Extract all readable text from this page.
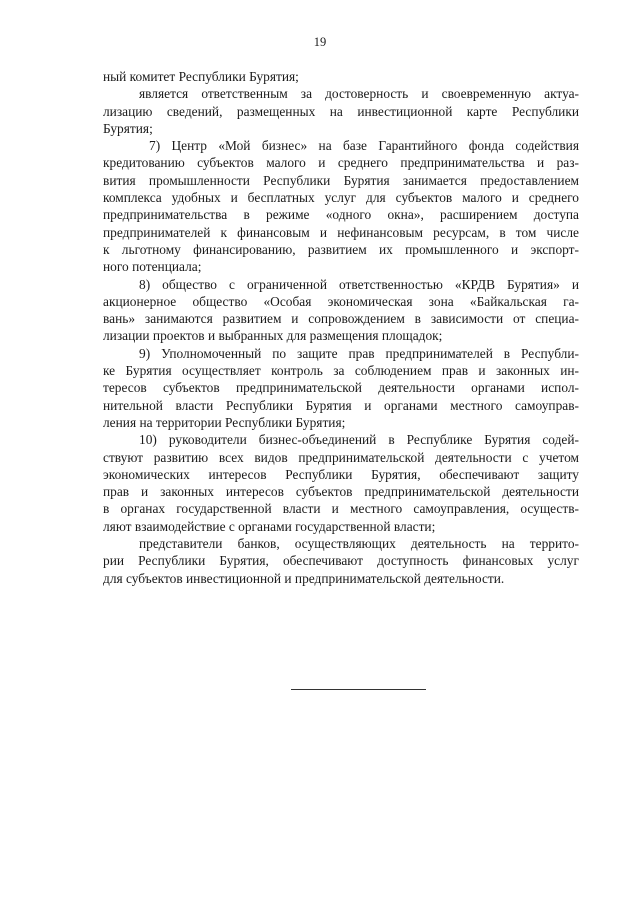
19
ный комитет Республики Бурятия;
является ответственным за достоверность и своевременную актуа-
лизацию сведений, размещенных на инвестиционной карте Республики
Бурятия;
7) Центр «Мой бизнес» на базе Гарантийного фонда содействия
кредитованию субъектов малого и среднего предпринимательства и раз-
вития промышленности Республики Бурятия занимается предоставлением
комплекса удобных и бесплатных услуг для субъектов малого и среднего
предпринимательства в режиме «одного окна», расширением доступа
предпринимателей к финансовым и нефинансовым ресурсам, в том числе
к льготному финансированию, развитием их промышленного и экспорт-
ного потенциала;
8) общество с ограниченной ответственностью «КРДВ Бурятия» и
акционерное общество «Особая экономическая зона «Байкальская га-
вань» занимаются развитием и сопровождением в зависимости от специа-
лизации проектов и выбранных для размещения площадок;
9) Уполномоченный по защите прав предпринимателей в Республи-
ке Бурятия осуществляет контроль за соблюдением прав и законных ин-
тересов субъектов предпринимательской деятельности органами испол-
нительной власти Республики Бурятия и органами местного самоуправ-
ления на территории Республики Бурятия;
10) руководители бизнес-объединений в Республике Бурятия содей-
ствуют развитию всех видов предпринимательской деятельности с учетом
экономических интересов Республики Бурятия, обеспечивают защиту
прав и законных интересов субъектов предпринимательской деятельности
в органах государственной власти и местного самоуправления, осуществ-
ляют взаимодействие с органами государственной власти;
представители банков, осуществляющих деятельность на террито-
рии Республики Бурятия, обеспечивают доступность финансовых услуг
для субъектов инвестиционной и предпринимательской деятельности.
